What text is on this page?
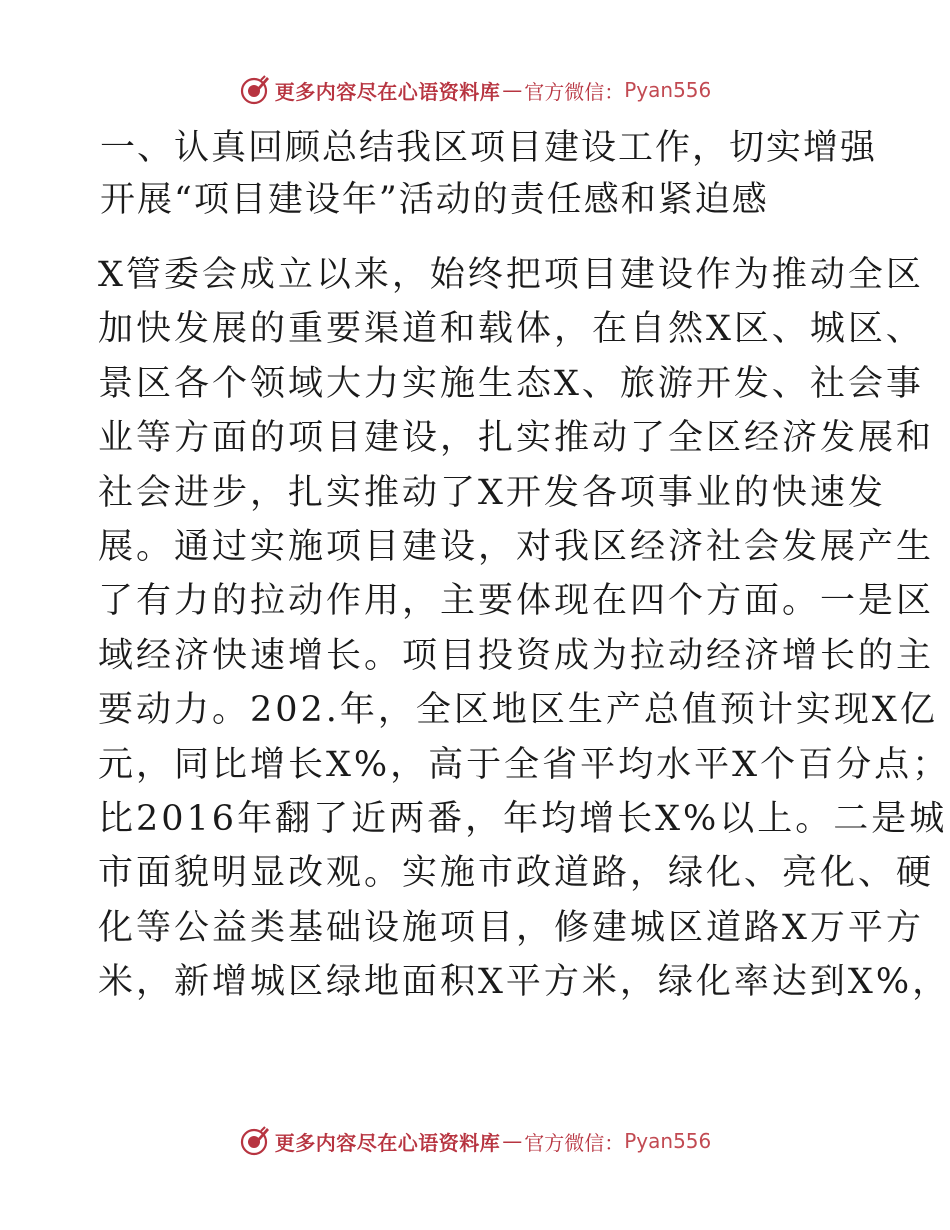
更多内容尽在心语资料库 — 官方微信： Pyan556
一、认真回顾总结我区项目建设工作，切实增强
开展“项目建设年”活动的责任感和紧迫感
X管委会成立以来，始终把项目建设作为推动全区
加快发展的重要渠道和载体，在自然X区、城区、
景区各个领域大力实施生态X、旅游开发、社会事
业等方面的项目建设，扎实推动了全区经济发展和
社会进步，扎实推动了X开发各项事业的快速发
展。通过实施项目建设，对我区经济社会发展产生
了有力的拉动作用，主要体现在四个方面。一是区
域经济快速增长。项目投资成为拉动经济增长的主
要动力。202.年，全区地区生产总值预计实现X亿
元，同比增长X%，高于全省平均水平X个百分点；
比2016年翻了近两番，年均增长X%以上。二是城
市面貌明显改观。实施市政道路，绿化、亮化、硬
化等公益类基础设施项目，修建城区道路X万平方
米，新增城区绿地面积X平方米，绿化率达到X%，
更多内容尽在心语资料库 — 官方微信： Pyan556
